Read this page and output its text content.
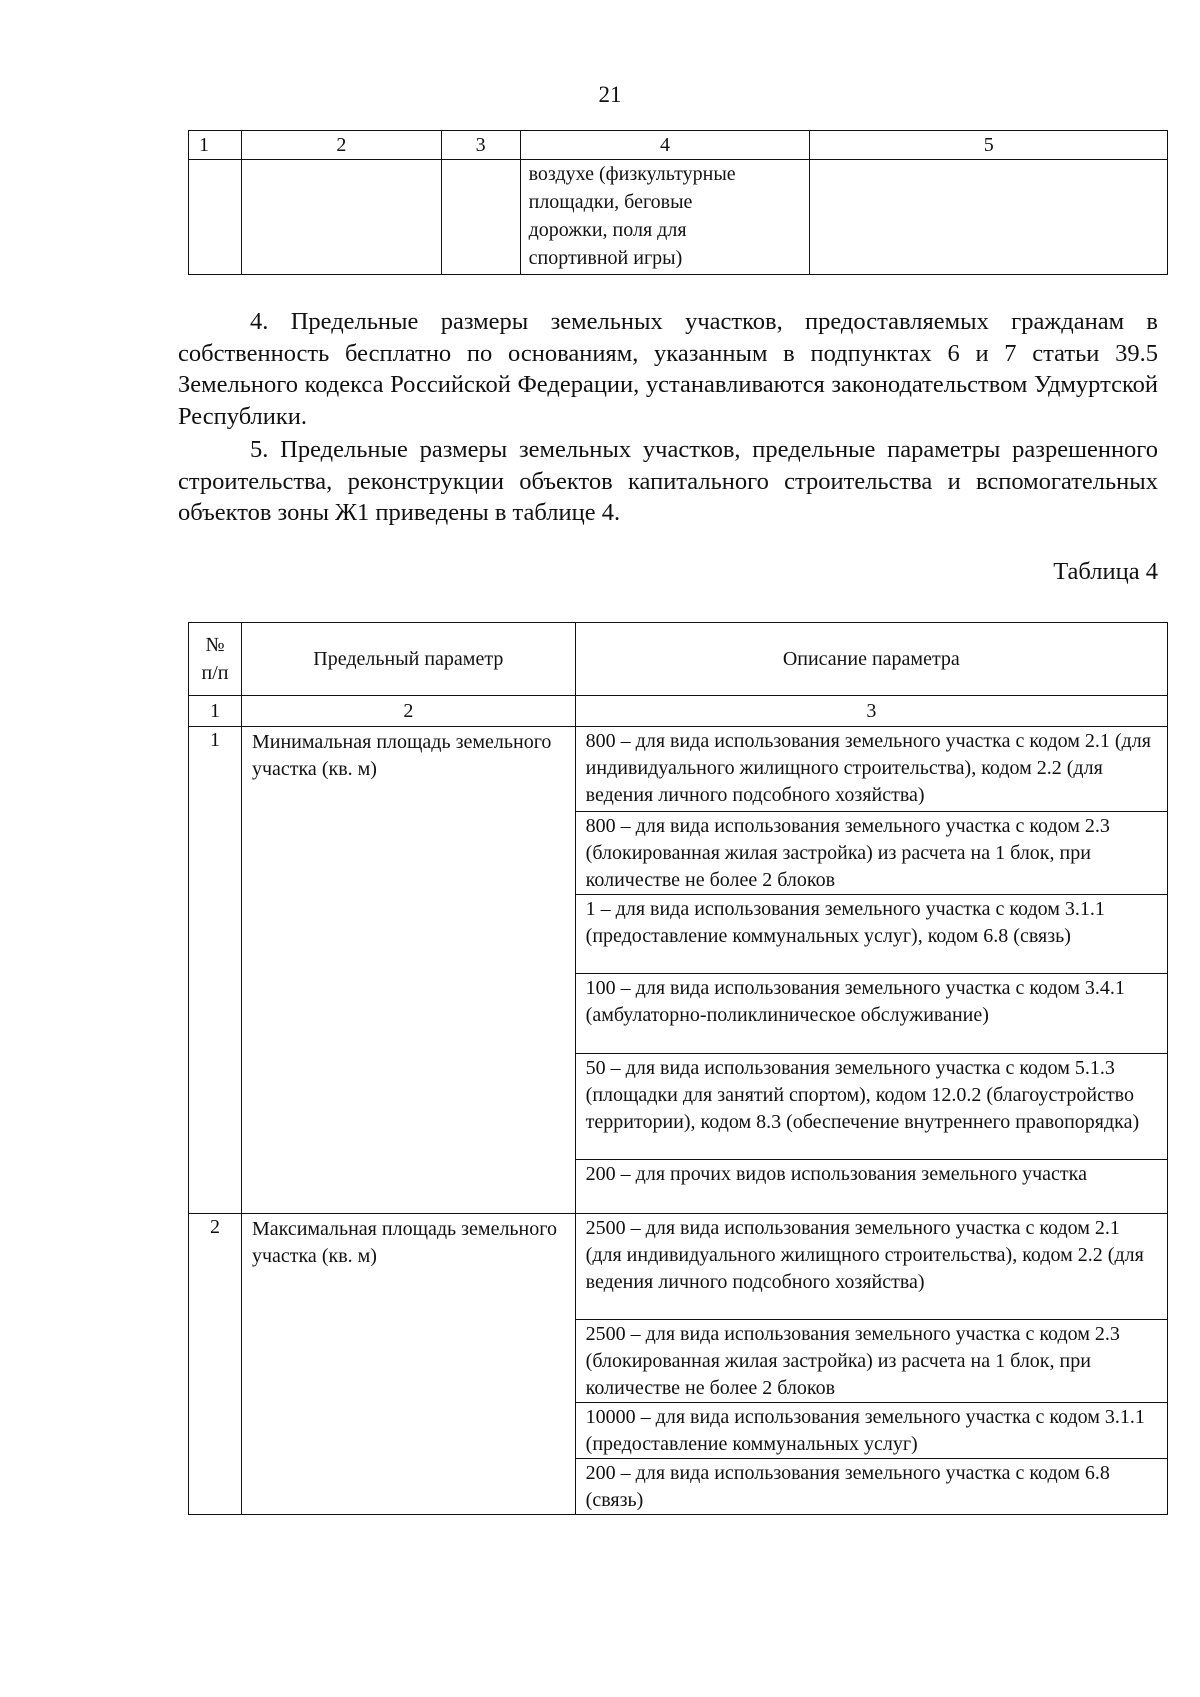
21
1	2	3	4	5
			воздухе (физкультурные
площадки, беговые
дорожки, поля для
спортивной игры)	
4. Предельные размеры земельных участков, предоставляемых гражданам в собственность бесплатно по основаниям, указанным в подпунктах 6 и 7 статьи 39.5 Земельного кодекса Российской Федерации, устанавливаются законодательством Удмуртской Республики.
5. Предельные размеры земельных участков, предельные параметры разрешенного строительства, реконструкции объектов капитального строительства и вспомогательных объектов зоны Ж1 приведены в таблице 4.
Таблица 4
№
п/п	Предельный параметр	Описание параметра
1	2	3
1	Минимальная площадь земельного участка (кв. м)	800 – для вида использования земельного участка с кодом 2.1 (для индивидуального жилищного строительства), кодом 2.2 (для ведения личного подсобного хозяйства)
		800 – для вида использования земельного участка с кодом 2.3 (блокированная жилая застройка) из расчета на 1 блок, при количестве не более 2 блоков
		1 – для вида использования земельного участка с кодом 3.1.1 (предоставление коммунальных услуг), кодом 6.8 (связь)
		100 – для вида использования земельного участка с кодом 3.4.1 (амбулаторно-поликлиническое обслуживание)
		50 – для вида использования земельного участка с кодом 5.1.3 (площадки для занятий спортом), кодом 12.0.2 (благоустройство территории), кодом 8.3 (обеспечение внутреннего правопорядка)
		200 – для прочих видов использования земельного участка
2	Максимальная площадь земельного участка (кв. м)	2500 – для вида использования земельного участка с кодом 2.1 (для индивидуального жилищного строительства), кодом 2.2 (для ведения личного подсобного хозяйства)
		2500 – для вида использования земельного участка с кодом 2.3 (блокированная жилая застройка) из расчета на 1 блок, при количестве не более 2 блоков
		10000 – для вида использования земельного участка с кодом 3.1.1 (предоставление коммунальных услуг)
		200 – для вида использования земельного участка с кодом 6.8 (связь)
